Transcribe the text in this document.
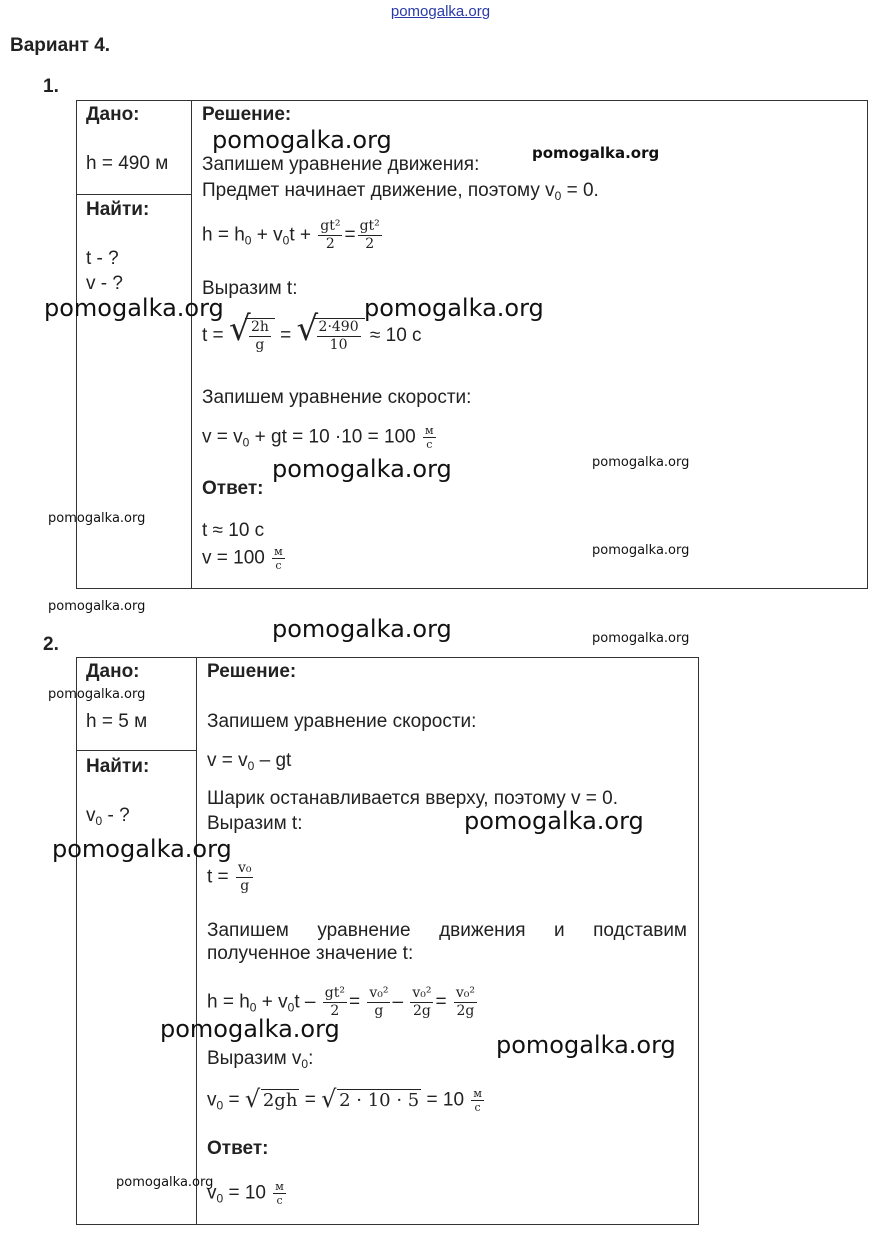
pomogalka.org
Вариант 4.
1.
Дано:
h = 490 м
Найти:
t - ?
v - ?
Решение:
Запишем уравнение движения:
Предмет начинает движение, поэтому $v_0 = 0$.
$h = h_0 + v_0t + \frac{\text{gt²}}{2} = \frac{\text{gt²}}{2}$
Выразим t:
t = √
$\frac{2h}{g}$ = √
$\frac{2\cdot 490}{10} \approx 10$ с
Запишем уравнение скорости:
$v = v_0$ + gt = $10 \cdot 10 = 100 \frac{м}{с}$
Ответ:
t ≈ 10 с
$v = 100 \frac{м}{с}$
2.
Дано:
h = 5 м
Найти:
$v_0$ - ?
Решение:
Запишем уравнение скорости:
$v = v_0$ – gt
Шарик останавливается вверху, поэтому v = 0.
Выразим t:
$t = \frac{\text{v₀}}{g}$
Запишем уравнение движения и подставим полученное значение t:
$h = h_0 + v_0t - \frac{\text{gt²}}{2} = \frac{\text{v₀²}}{g} - \frac{\text{v₀²}}{2g} = \frac{\text{v₀²}}{2g}$
Выразим $v_0$:
$v_0$ = √ 2gh = √ $2 \cdot 10 \cdot 5 = 10 \frac{м}{с}$
Ответ:
$v_0 = 10 \frac{м}{с}$
pomogalka.org	pomogalka.org
pomogalka.org	pomogalka.org
pomogalka.org	pomogalka.org
pomogalka.org
pomogalka.org
pomogalka.org
pomogalka.org	pomogalka.org
pomogalka.org
pomogalka.org
pomogalka.org
pomogalka.org
pomogalka.org
pomogalka.org
